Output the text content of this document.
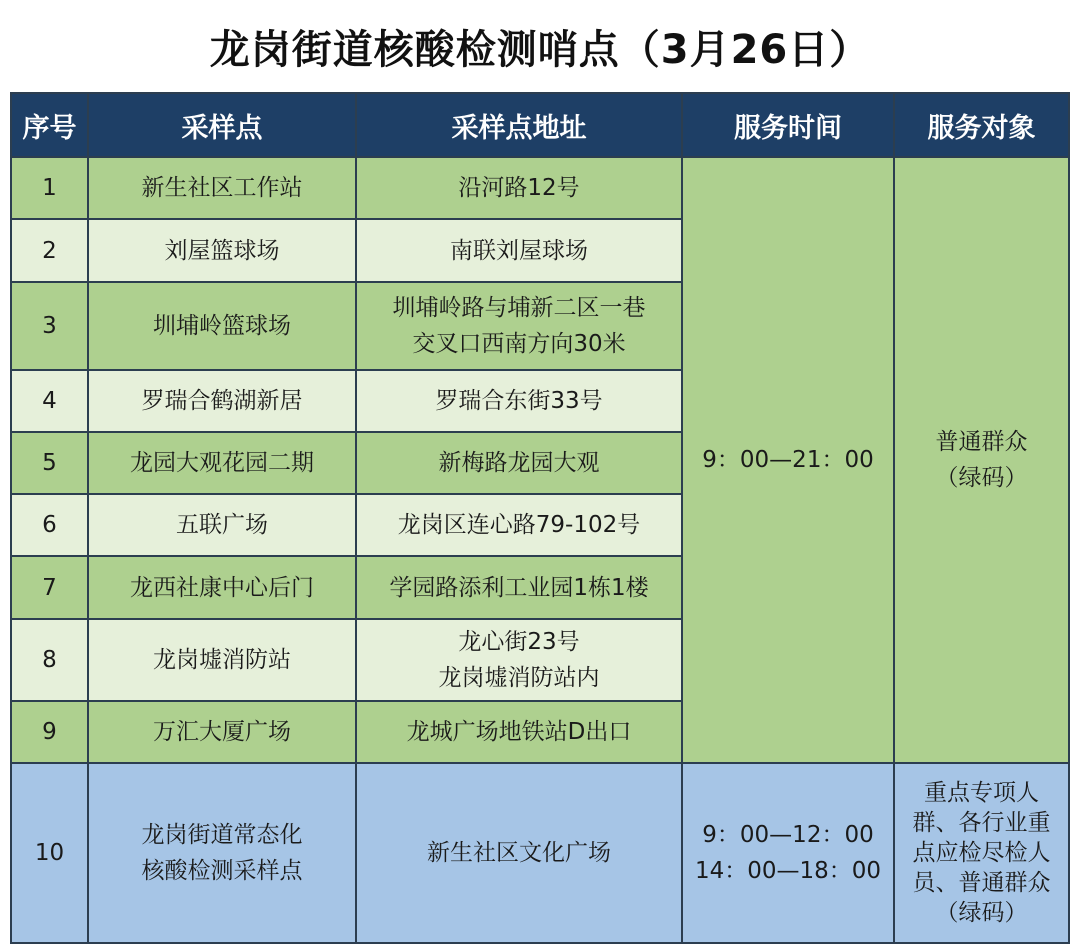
龙岗街道核酸检测哨点（3月26日）
序号	采样点	采样点地址	服务时间	服务对象
1	新生社区工作站	沿河路12号	9：00—21：00	普通群众
（绿码）

2	刘屋篮球场	南联刘屋球场		

3	圳埔岭篮球场	圳埔岭路与埔新二区一巷
交叉口西南方向30米		

4	罗瑞合鹤湖新居	罗瑞合东街33号		

5	龙园大观花园二期	新梅路龙园大观		

6	五联广场	龙岗区连心路79-102号		

7	龙西社康中心后门	学园路添利工业园1栋1楼		

8	龙岗墟消防站	龙心街23号
龙岗墟消防站内		

9	万汇大厦广场	龙城广场地铁站D出口		

10	龙岗街道常态化
核酸检测采样点	新生社区文化广场	9：00—12：00
14：00—18：00	重点专项人
群、各行业重
点应检尽检人
员、普通群众
（绿码）
